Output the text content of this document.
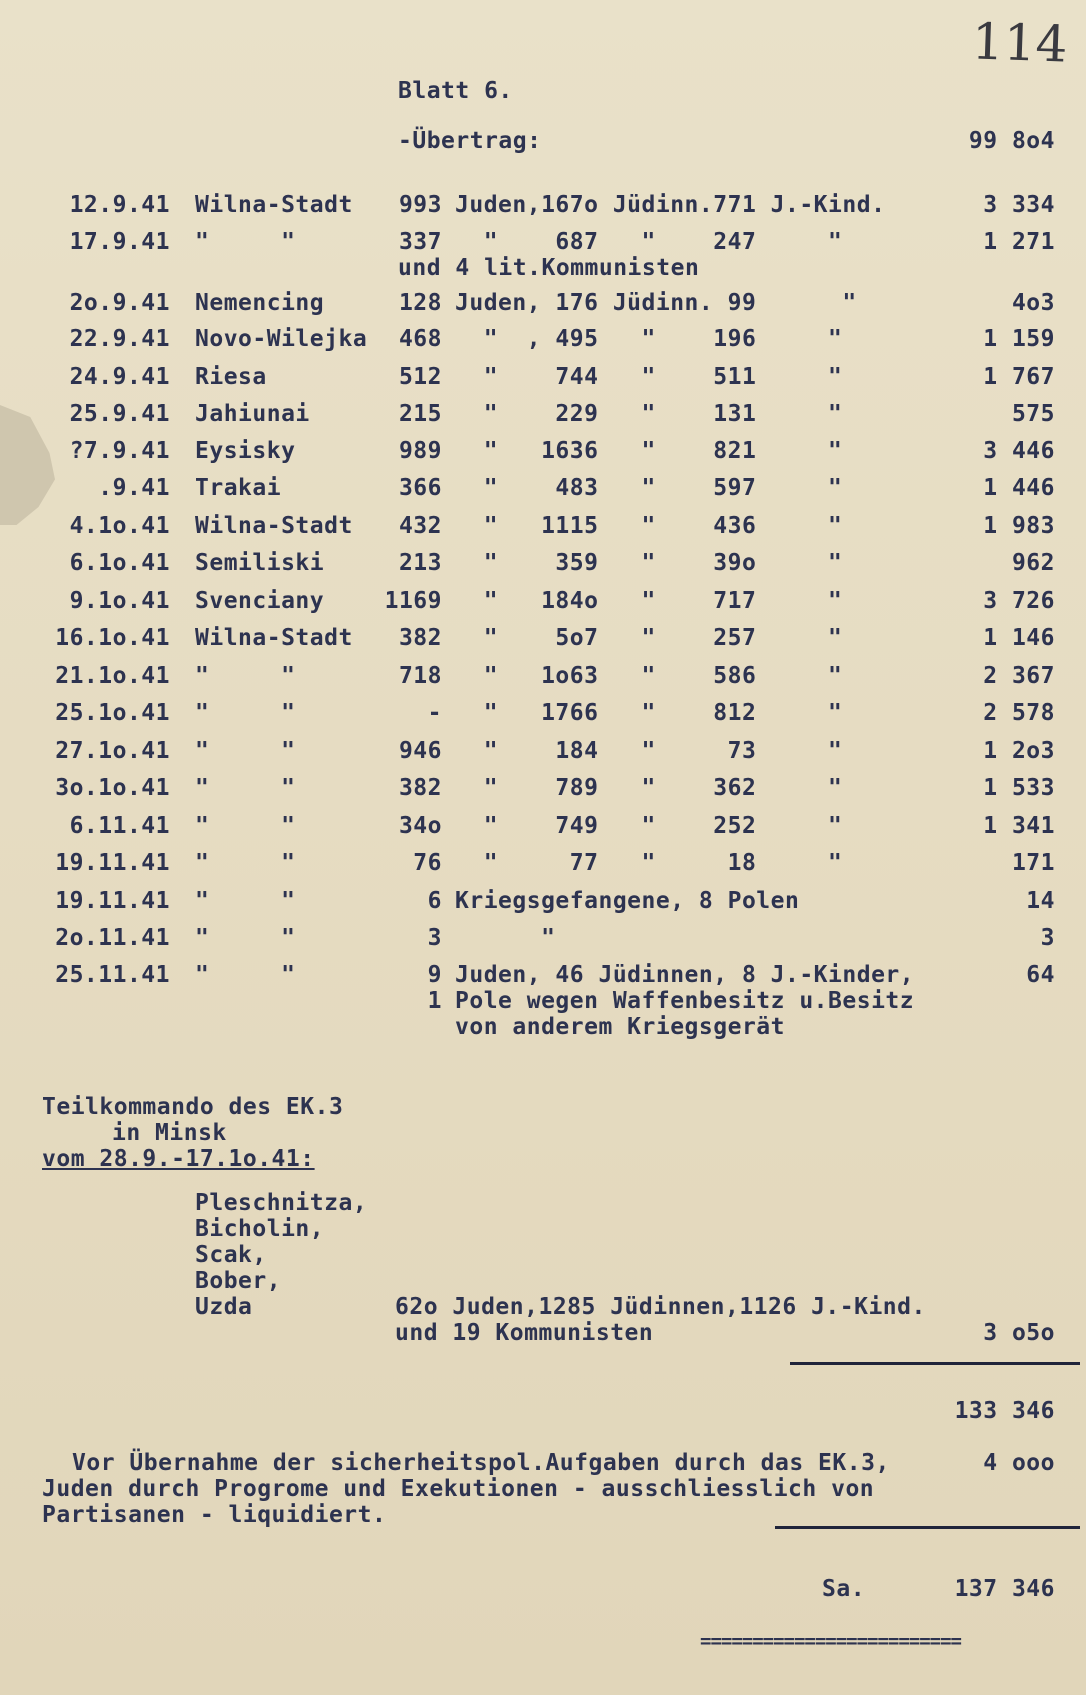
114
Blatt 6.
-Übertrag:	99 8o4
12.9.41 Wilna-Stadt	993 Juden,167o Jüdinn.771 J.-Kind.	3 334
17.9.41 "     "	337 "    687   "    247     "	1 271
und 4 lit.Kommunisten
2o.9.41 Nemencing	128 Juden, 176 Jüdinn. 99      "	4o3
22.9.41 Novo-Wilejka	468 "  , 495   "    196     "	1 159
24.9.41 Riesa	512 "    744   "    511     "	1 767
25.9.41 Jahiunai	215 "    229   "    131     "	575
?7.9.41 Eysisky	989 "   1636   "    821     "	3 446
.9.41 Trakai	366 "    483   "    597     "	1 446
4.1o.41 Wilna-Stadt	432 "   1115   "    436     "	1 983
6.1o.41 Semiliski	213 "    359   "    39o     "	962
9.1o.41 Svenciany	1169 "   184o   "    717     "	3 726
16.1o.41 Wilna-Stadt	382 "    5o7   "    257     "	1 146
21.1o.41 "     "	718 "   1o63   "    586     "	2 367
25.1o.41 "     "	- "   1766   "    812     "	2 578
27.1o.41 "     "	946 "    184   "     73     "	1 2o3
3o.1o.41 "     "	382 "    789   "    362     "	1 533
6.11.41 "     "	34o "    749   "    252     "	1 341
19.11.41 "     "	76 "     77   "     18     "	171
19.11.41 "     "	6 Kriegsgefangene, 8 Polen	14
2o.11.41 "     "	3 "	3
25.11.41 "     "	9 Juden, 46 Jüdinnen, 8 J.-Kinder,	64
1 Pole wegen Waffenbesitz u.Besitz
von anderem Kriegsgerät
Teilkommando des EK.3
in Minsk
vom 28.9.-17.1o.41:
Pleschnitza,
Bicholin,
Scak,
Bober,
Uzda	62o Juden,1285 Jüdinnen,1126 J.-Kind.
und 19 Kommunisten	3 o5o
133 346
Vor Übernahme der sicherheitspol.Aufgaben durch das EK.3,
Juden durch Progrome und Exekutionen - ausschliesslich von
Partisanen - liquidiert.
4 ooo
Sa.	137 346
=========================
